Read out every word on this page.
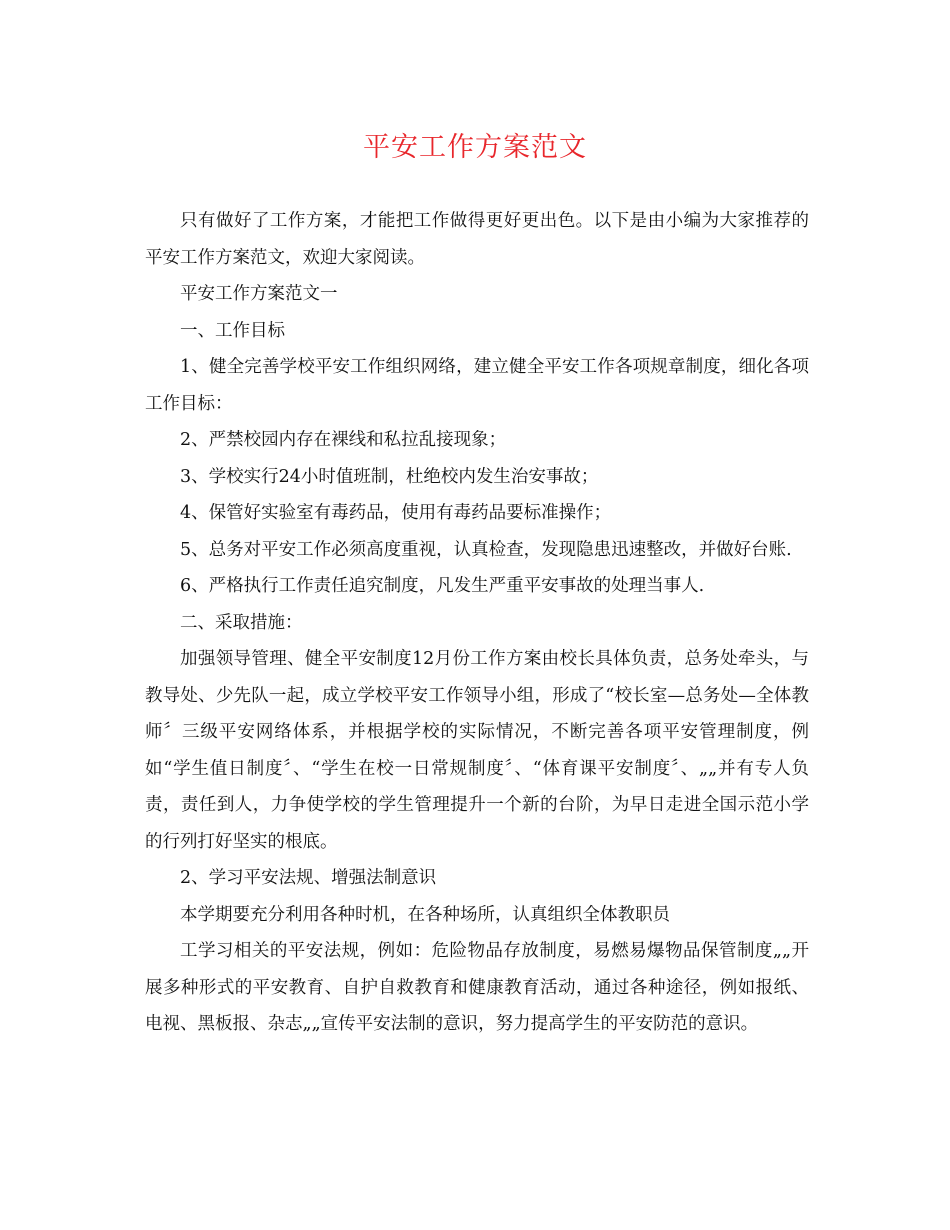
平安工作方案范文

只有做好了工作方案，才能把工作做得更好更出色。以下是由小编为大家推荐的平安工作方案范文，欢迎大家阅读。

平安工作方案范文一

一、工作目标

1、健全完善学校平安工作组织网络，建立健全平安工作各项规章制度，细化各项工作目标：

2、严禁校园内存在裸线和私拉乱接现象；

3、学校实行24小时值班制，杜绝校内发生治安事故；

4、保管好实验室有毒药品，使用有毒药品要标准操作；

5、总务对平安工作必须高度重视，认真检查，发现隐患迅速整改，并做好台账.

6、严格执行工作责任追究制度，凡发生严重平安事故的处理当事人.

二、采取措施：

加强领导管理、健全平安制度12月份工作方案由校长具体负责，总务处牵头，与教导处、少先队一起，成立学校平安工作领导小组，形成了“校长室—总务处—全体教师〞三级平安网络体系，并根据学校的实际情况，不断完善各项平安管理制度，例如“学生值日制度〞、“学生在校一日常规制度〞、“体育课平安制度〞、„„并有专人负责，责任到人，力争使学校的学生管理提升一个新的台阶，为早日走进全国示范小学的行列打好坚实的根底。

2、学习平安法规、增强法制意识

本学期要充分利用各种时机，在各种场所，认真组织全体教职员

工学习相关的平安法规，例如：危险物品存放制度，易燃易爆物品保管制度„„开展多种形式的平安教育、自护自救教育和健康教育活动，通过各种途径，例如报纸、电视、黑板报、杂志„„宣传平安法制的意识，努力提高学生的平安防范的意识。
